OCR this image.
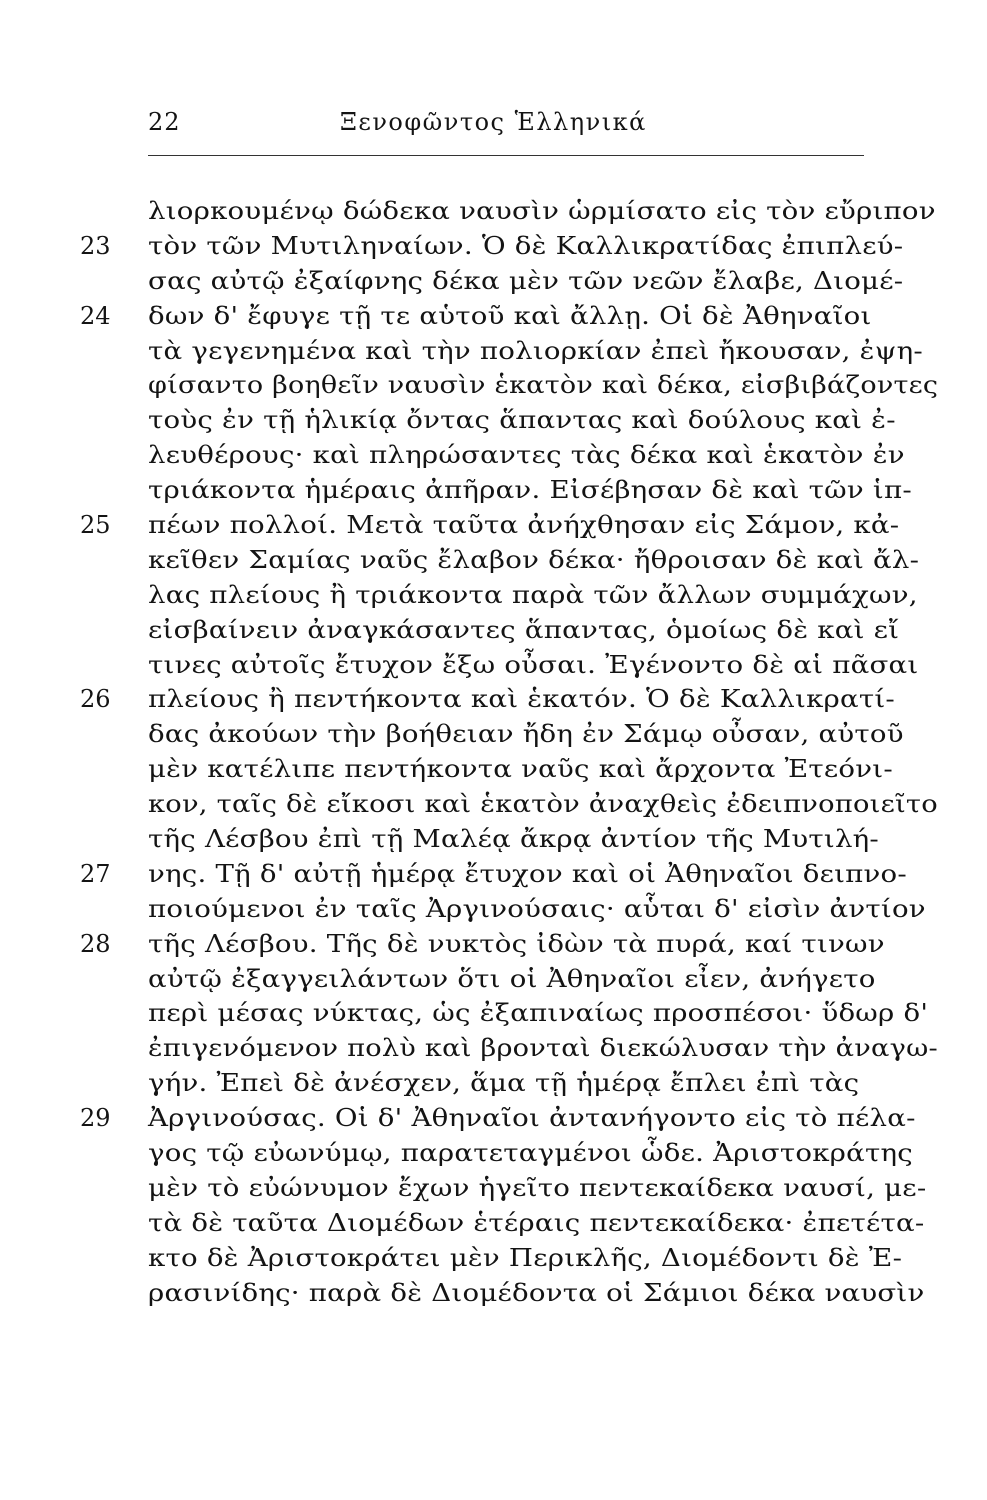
22	Ξενοφῶντος Ἑλληνικά
λιορκουμένῳ δώδεκα ναυσὶν ὡρμίσατο εἰς τὸν εὔριπον
23	τὸν τῶν Μυτιληναίων. Ὁ δὲ Καλλικρατίδας ἐπιπλεύ-
σας αὐτῷ ἐξαίφνης δέκα μὲν τῶν νεῶν ἔλαβε, Διομέ-
24	δων δ' ἔφυγε τῇ τε αὑτοῦ καὶ ἄλλῃ. Οἱ δὲ Ἀθηναῖοι
τὰ γεγενημένα καὶ τὴν πολιορκίαν ἐπεὶ ἤκουσαν, ἐψη-
φίσαντο βοηθεῖν ναυσὶν ἑκατὸν καὶ δέκα, εἰσβιβάζοντες
τοὺς ἐν τῇ ἡλικίᾳ ὄντας ἅπαντας καὶ δούλους καὶ ἐ-
λευθέρους· καὶ πληρώσαντες τὰς δέκα καὶ ἑκατὸν ἐν
τριάκοντα ἡμέραις ἀπῆραν. Εἰσέβησαν δὲ καὶ τῶν ἱπ-
25	πέων πολλοί. Μετὰ ταῦτα ἀνήχθησαν εἰς Σάμον, κἀ-
κεῖθεν Σαμίας ναῦς ἔλαβον δέκα· ἤθροισαν δὲ καὶ ἄλ-
λας πλείους ἢ τριάκοντα παρὰ τῶν ἄλλων συμμάχων,
εἰσβαίνειν ἀναγκάσαντες ἅπαντας, ὁμοίως δὲ καὶ εἴ
τινες αὐτοῖς ἔτυχον ἔξω οὖσαι. Ἐγένοντο δὲ αἱ πᾶσαι
26	πλείους ἢ πεντήκοντα καὶ ἑκατόν. Ὁ δὲ Καλλικρατί-
δας ἀκούων τὴν βοήθειαν ἤδη ἐν Σάμῳ οὖσαν, αὐτοῦ
μὲν κατέλιπε πεντήκοντα ναῦς καὶ ἄρχοντα Ἐτεόνι-
κον, ταῖς δὲ εἴκοσι καὶ ἑκατὸν ἀναχθεὶς ἐδειπνοποιεῖτο
τῆς Λέσβου ἐπὶ τῇ Μαλέᾳ ἄκρᾳ ἀντίον τῆς Μυτιλή-
27	νης. Τῇ δ' αὐτῇ ἡμέρᾳ ἔτυχον καὶ οἱ Ἀθηναῖοι δειπνο-
ποιούμενοι ἐν ταῖς Ἀργινούσαις· αὗται δ' εἰσὶν ἀντίον
28	τῆς Λέσβου. Τῆς δὲ νυκτὸς ἰδὼν τὰ πυρά, καί τινων
αὐτῷ ἐξαγγειλάντων ὅτι οἱ Ἀθηναῖοι εἶεν, ἀνήγετο
περὶ μέσας νύκτας, ὡς ἐξαπιναίως προσπέσοι· ὕδωρ δ'
ἐπιγενόμενον πολὺ καὶ βρονταὶ διεκώλυσαν τὴν ἀναγω-
γήν. Ἐπεὶ δὲ ἀνέσχεν, ἅμα τῇ ἡμέρᾳ ἔπλει ἐπὶ τὰς
29	Ἀργινούσας. Οἱ δ' Ἀθηναῖοι ἀντανήγοντο εἰς τὸ πέλα-
γος τῷ εὐωνύμῳ, παρατεταγμένοι ὧδε. Ἀριστοκράτης
μὲν τὸ εὐώνυμον ἔχων ἡγεῖτο πεντεκαίδεκα ναυσί, με-
τὰ δὲ ταῦτα Διομέδων ἑτέραις πεντεκαίδεκα· ἐπετέτα-
κτο δὲ Ἀριστοκράτει μὲν Περικλῆς, Διομέδοντι δὲ Ἐ-
ρασινίδης· παρὰ δὲ Διομέδοντα οἱ Σάμιοι δέκα ναυσὶν
